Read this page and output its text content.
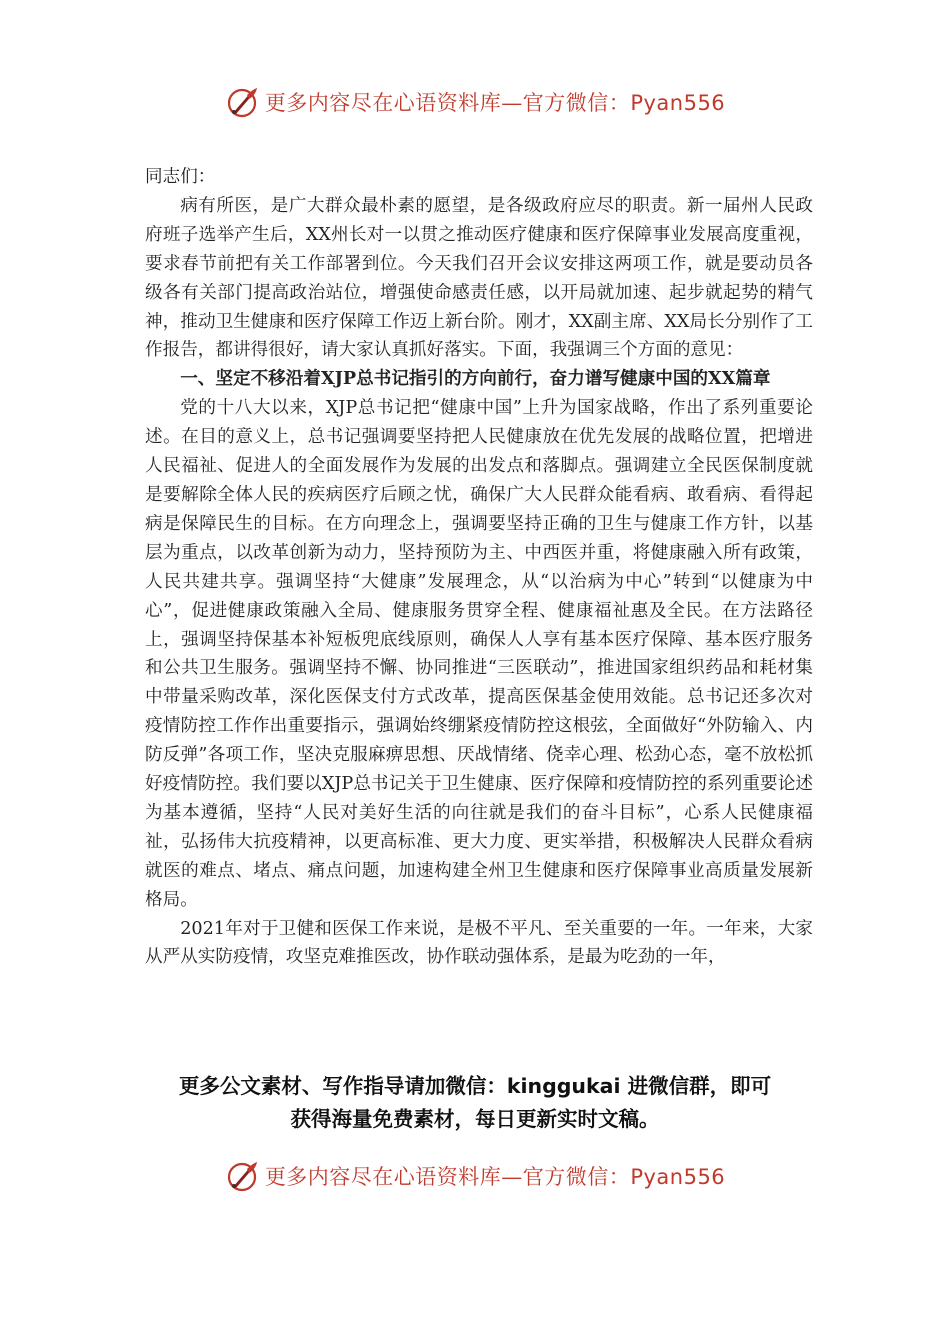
更多内容尽在心语资料库—官方微信：Pyan556

同志们：

病有所医，是广大群众最朴素的愿望，是各级政府应尽的职责。新一届州人民政府班子选举产生后，XX州长对一以贯之推动医疗健康和医疗保障事业发展高度重视，要求春节前把有关工作部署到位。今天我们召开会议安排这两项工作，就是要动员各级各有关部门提高政治站位，增强使命感责任感，以开局就加速、起步就起势的精气神，推动卫生健康和医疗保障工作迈上新台阶。刚才，XX副主席、XX局长分别作了工作报告，都讲得很好，请大家认真抓好落实。下面，我强调三个方面的意见：

一、坚定不移沿着XJP总书记指引的方向前行，奋力谱写健康中国的XX篇章

党的十八大以来，XJP总书记把“健康中国”上升为国家战略，作出了系列重要论述。在目的意义上，总书记强调要坚持把人民健康放在优先发展的战略位置，把增进人民福祉、促进人的全面发展作为发展的出发点和落脚点。强调建立全民医保制度就是要解除全体人民的疾病医疗后顾之忧，确保广大人民群众能看病、敢看病、看得起病是保障民生的目标。在方向理念上，强调要坚持正确的卫生与健康工作方针，以基层为重点，以改革创新为动力，坚持预防为主、中西医并重，将健康融入所有政策，人民共建共享。强调坚持“大健康”发展理念，从“以治病为中心”转到“以健康为中心”，促进健康政策融入全局、健康服务贯穿全程、健康福祉惠及全民。在方法路径上，强调坚持保基本补短板兜底线原则，确保人人享有基本医疗保障、基本医疗服务和公共卫生服务。强调坚持不懈、协同推进“三医联动”，推进国家组织药品和耗材集中带量采购改革，深化医保支付方式改革，提高医保基金使用效能。总书记还多次对疫情防控工作作出重要指示，强调始终绷紧疫情防控这根弦，全面做好“外防输入、内防反弹”各项工作，坚决克服麻痹思想、厌战情绪、侥幸心理、松劲心态，毫不放松抓好疫情防控。我们要以XJP总书记关于卫生健康、医疗保障和疫情防控的系列重要论述为基本遵循，坚持“人民对美好生活的向往就是我们的奋斗目标”，心系人民健康福祉，弘扬伟大抗疫精神，以更高标准、更大力度、更实举措，积极解决人民群众看病就医的难点、堵点、痛点问题，加速构建全州卫生健康和医疗保障事业高质量发展新格局。

2021年对于卫健和医保工作来说，是极不平凡、至关重要的一年。一年来，大家从严从实防疫情，攻坚克难推医改，协作联动强体系，是最为吃劲的一年，

更多公文素材、写作指导请加微信：kinggukai 进微信群，即可
获得海量免费素材，每日更新实时文稿。
更多内容尽在心语资料库—官方微信：Pyan556
